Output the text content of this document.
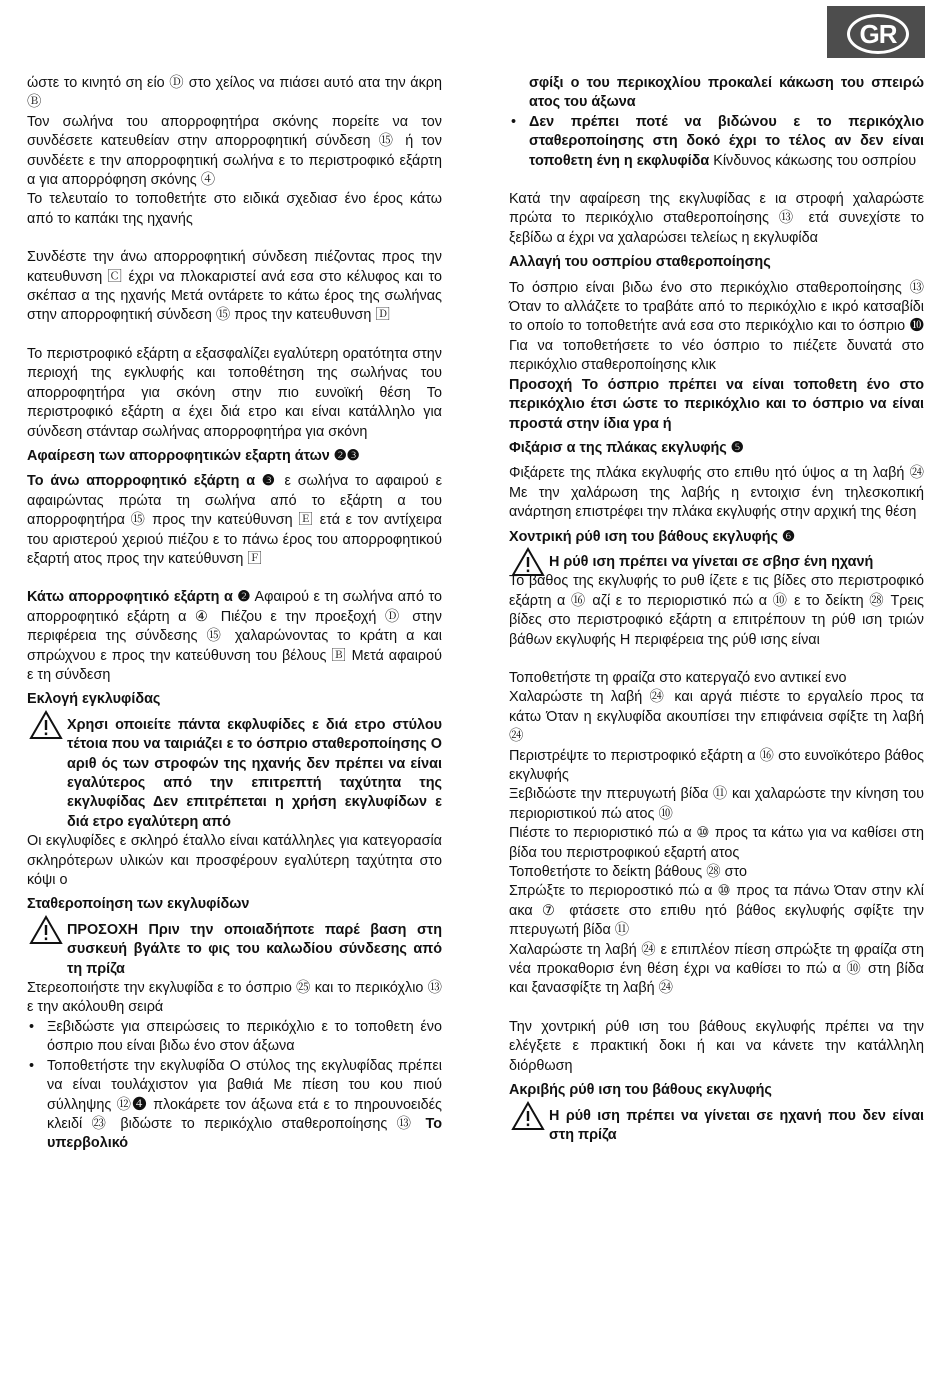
GR

ώστε το κινητό ση είο Ⓓ στο χείλος να πιάσει αυτό ατα την άκρη Ⓑ

Τον σωλήνα του απορροφητήρα σκόνης πορείτε να τον συνδέσετε κατευθείαν στην απορροφητική σύνδεση ⑮ ή τον συνδέετε ε την απορροφητική σωλήνα ε το περιστροφικό εξάρτη α για απορρόφηση σκόνης ④

Το τελευταίο το τοποθετήτε στο ειδικά σχεδιασ ένο έρος κάτω από το καπάκι της ηχανής

Συνδέστε την άνω απορροφητική σύνδεση πιέζοντας προς την κατευθυνση 🄲 έχρι να πλοκαριστεί ανά εσα στο κέλυφος και το σκέπασ α της ηχανής Μετά οντάρετε το κάτω έρος της σωλήνας στην απορροφητική σύνδεση ⑮ προς την κατευθυνση 🄳

Το περιστροφικό εξάρτη α εξασφαλίζει εγαλύτερη ορατότητα στην περιοχή της εγκλυφής και τοποθέτηση της σωλήνας του απορροφητήρα για σκόνη στην πιο ευνοϊκή θέση Το περιστροφικό εξάρτη α έχει διά ετρο και είναι κατάλληλο για σύνδεση στάνταρ σωλήνας απορροφητήρα για σκόνη

Αφαίρεση των απορροφητικών εξαρτη άτων ❷❸

Το άνω απορροφητικό εξάρτη α ❸ ε σωλήνα το αφαιρού ε αφαιρώντας πρώτα τη σωλήνα από το εξάρτη α του απορροφητήρα ⑮ προς την κατεύθυνση 🄴 ετά ε τον αντίχειρα του αριστερού χεριού πιέζου ε το πάνω έρος του απορροφητικού εξαρτή ατος προς την κατεύθυνση 🄵

Κάτω απορροφητικό εξάρτη α ❷ Αφαιρού ε τη σωλήνα από το απορροφητικό εξάρτη α ④ Πιέζου ε την προεξοχή Ⓓ στην περιφέρεια της σύνδεσης ⑮ χαλαρώνοντας το κράτη α και σπρώχνου ε προς την κατεύθυνση του βέλους 🄱 Μετά αφαιρού ε τη σύνδεση

Εκλογή εγκλυφίδας

Χρησι οποιείτε πάντα εκφλυφίδες ε διά ετρο στύλου τέτοια που να ταιριάζει ε το όσπριο σταθεροποίησης Ο αριθ ός των στροφών της ηχανής δεν πρέπει να είναι εγαλύτερος από την επιτρεπτή ταχύτητα της εκγλυφίδας Δεν επιτρέπεται η χρήση εκγλυφίδων ε διά ετρο εγαλύτερη από

Οι εκγλυφίδες ε σκληρό έταλλο είναι κατάλληλες για κατεγορασία σκληρότερων υλικών και προσφέρουν εγαλύτερη ταχύτητα στο κόψι ο

Σταθεροποίηση των εκγλυφίδων

ΠΡΟΣΟΧΗ Πριν την οποιαδήποτε παρέ βαση στη συσκευή βγάλτε το φις του καλωδίου σύνδεσης από τη πρίζα

Στερεοποιήστε την εκγλυφίδα ε το όσπριο ㉕ και το περικόχλιο ⑬ ε την ακόλουθη σειρά

• Ξεβιδώστε για σπειρώσεις το περικόχλιο ε το τοποθετη ένο όσπριο που είναι βιδω ένο στον άξωνα
• Τοποθετήστε την εκγλυφίδα Ο στύλος της εκγλυφίδας πρέπει να είναι τουλάχιστον για βαθιά Με πίεση του κου πιού σύλληψης ⑫❹ πλοκάρετε τον άξωνα ετά ε το πηρουνοειδές κλειδί ㉓ βιδώστε το περικόχλιο σταθεροποίησης ⑬ Το υπερβολικό

σφίξι ο του περικοχλίου προκαλεί κάκωση του σπειρώ ατος του άξωνα

• Δεν πρέπει ποτέ να βιδώνου ε το περικόχλιο σταθεροποίησης στη δοκό έχρι το τέλος αν δεν είναι τοποθετη ένη η εκφλυφίδα Κίνδυνος κάκωσης του οσπρίου

Κατά την αφαίρεση της εκγλυφίδας ε ια στροφή χαλαρώστε πρώτα το περικόχλιο σταθεροποίησης ⑬ ετά συνεχίστε το ξεβίδω α έχρι να χαλαρώσει τελείως η εκγλυφίδα

Αλλαγή του οσπρίου σταθεροποίησης

Το όσπριο είναι βιδω ένο στο περικόχλιο σταθεροποίησης ⑬ Όταν το αλλάζετε το τραβάτε από το περικόχλιο ε ικρό κατσαβίδι το οποίο το τοποθετήτε ανά εσα στο περικόχλιο και το όσπριο ❿ Για να τοποθετήσετε το νέο όσπριο το πιέζετε δυνατά στο περικόχλιο σταθεροποίησης κλικ

Προσοχή Το όσπριο πρέπει να είναι τοποθετη ένο στο περικόχλιο έτσι ώστε το περικόχλιο και το όσπριο να είναι προστά στην ίδια γρα ή

Φιξάρισ α της πλάκας εκγλυφής ❺

Φιξάρετε της πλάκα εκγλυφής στο επιθυ ητό ύψος α τη λαβή ㉔ Με την χαλάρωση της λαβής η εντοιχισ ένη τηλεσκοπική ανάρτηση επιστρέφει την πλάκα εκγλυφής στην αρχική της θέση

Χοντρική ρύθ ιση του βάθους εκγλυφής ❻

Η ρύθ ιση πρέπει να γίνεται σε σβησ ένη ηχανή

Το βάθος της εκγλυφής το ρυθ ίζετε ε τις βίδες στο περιστροφικό εξάρτη α ⑯ αζί ε το περιοριστικό πώ α ⑩ ε το δείκτη ㉘ Τρεις βίδες στο περιστροφικό εξάρτη α επιτρέπουν τη ρύθ ιση τριών βάθων εκγλυφής Η περιφέρεια της ρύθ ισης είναι

Τοποθετήστε τη φραίζα στο κατεργαζό ενο αντικεί ενο

Χαλαρώστε τη λαβή ㉔ και αργά πιέστε το εργαλείο προς τα κάτω Όταν η εκγλυφίδα ακουπίσει την επιφάνεια σφίξτε τη λαβή ㉔

Περιστρέψτε το περιστροφικό εξάρτη α ⑯ στο ευνοϊκότερο βάθος εκγλυφής

Ξεβιδώστε την πτερυγωτή βίδα ⑪ και χαλαρώστε την κίνηση του περιοριστικού πώ ατος ⑩

Πιέστε το περιοριστικό πώ α ⑩ προς τα κάτω για να καθίσει στη βίδα του περιστροφικού εξαρτή ατος

Τοποθετήστε το δείκτη βάθους ㉘ στο

Σπρώξτε το περιοροστικό πώ α ⑩ προς τα πάνω Όταν στην κλί ακα ⑦ φτάσετε στο επιθυ ητό βάθος εκγλυφής σφίξτε την πτερυγωτή βίδα ⑪

Χαλαρώστε τη λαβή ㉔ ε επιπλέον πίεση σπρώξτε τη φραίζα στη νέα προκαθορισ ένη θέση έχρι να καθίσει το πώ α ⑩ στη βίδα και ξανασφίξτε τη λαβή ㉔

Την χοντρική ρύθ ιση του βάθους εκγλυφής πρέπει να την ελέγξετε ε πρακτική δοκι ή και να κάνετε την κατάλληλη διόρθωση

Ακριβής ρύθ ιση του βάθους εκγλυφής

Η ρύθ ιση πρέπει να γίνεται σε ηχανή που δεν είναι στη πρίζα
